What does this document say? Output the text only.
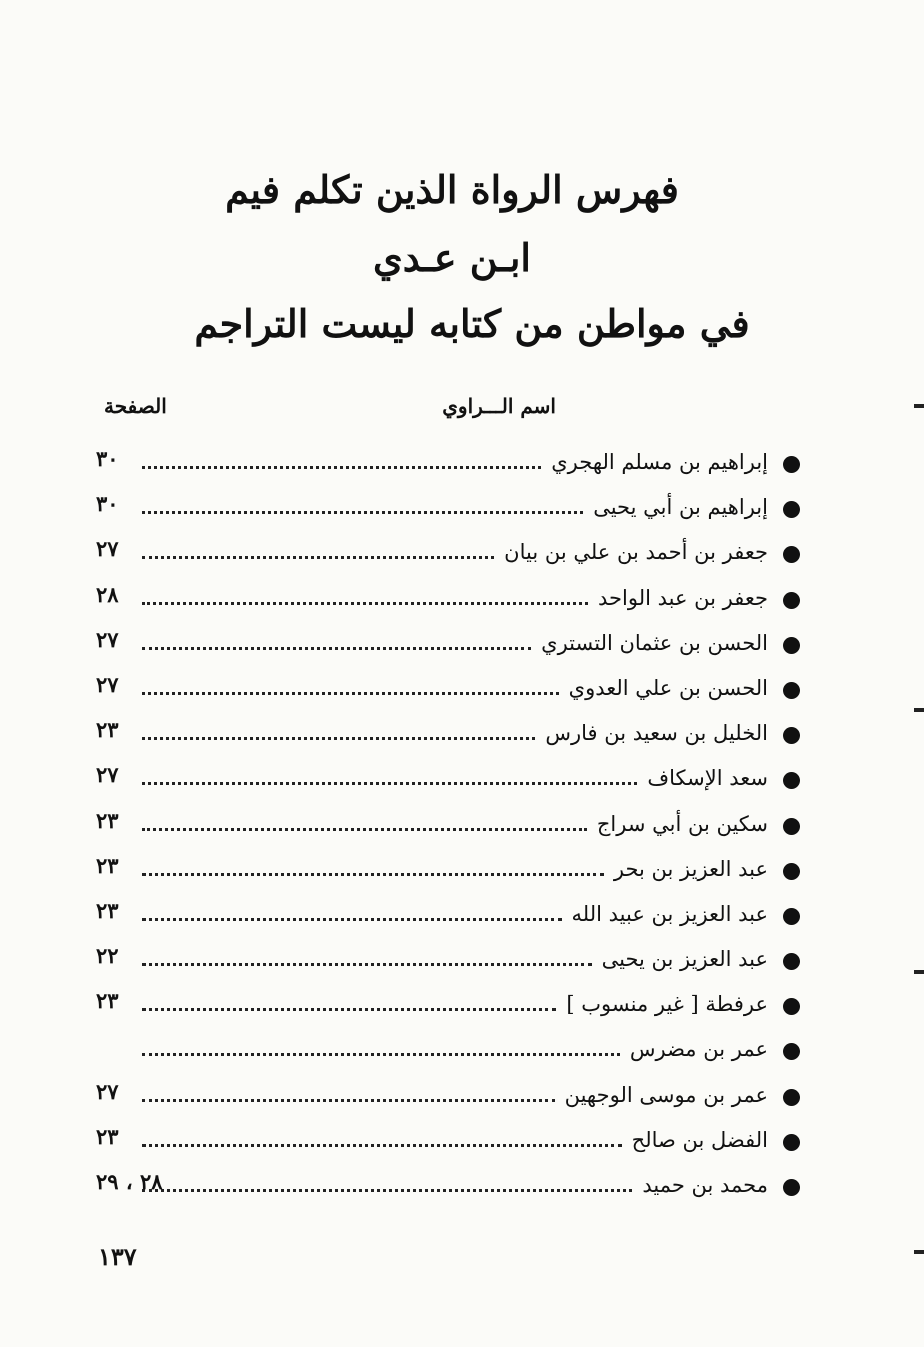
فهرس الرواة الذين تكلم فيم
ابـن عـدي
في مواطن من كتابه ليست التراجم
اسم الـــراوي
الصفحة
إبراهيم بن مسلم الهجري
٣٠
إبراهيم بن أبي يحيى
٣٠
جعفر بن أحمد بن علي بن بيان
٢٧
جعفر بن عبد الواحد
٢٨
الحسن بن عثمان التستري
٢٧
الحسن بن علي العدوي
٢٧
الخليل بن سعيد بن فارس
٢٣
سعد الإسكاف
٢٧
سكين بن أبي سراج
٢٣
عبد العزيز بن بحر
٢٣
عبد العزيز بن عبيد الله
٢٣
عبد العزيز بن يحيى
٢٢
عرفطة [ غير منسوب ]
٢٣
عمر بن مضرس
عمر بن موسى الوجهين
٢٧
الفضل بن صالح
٢٣
محمد بن حميد
٢٨ ، ٢٩
١٣٧
